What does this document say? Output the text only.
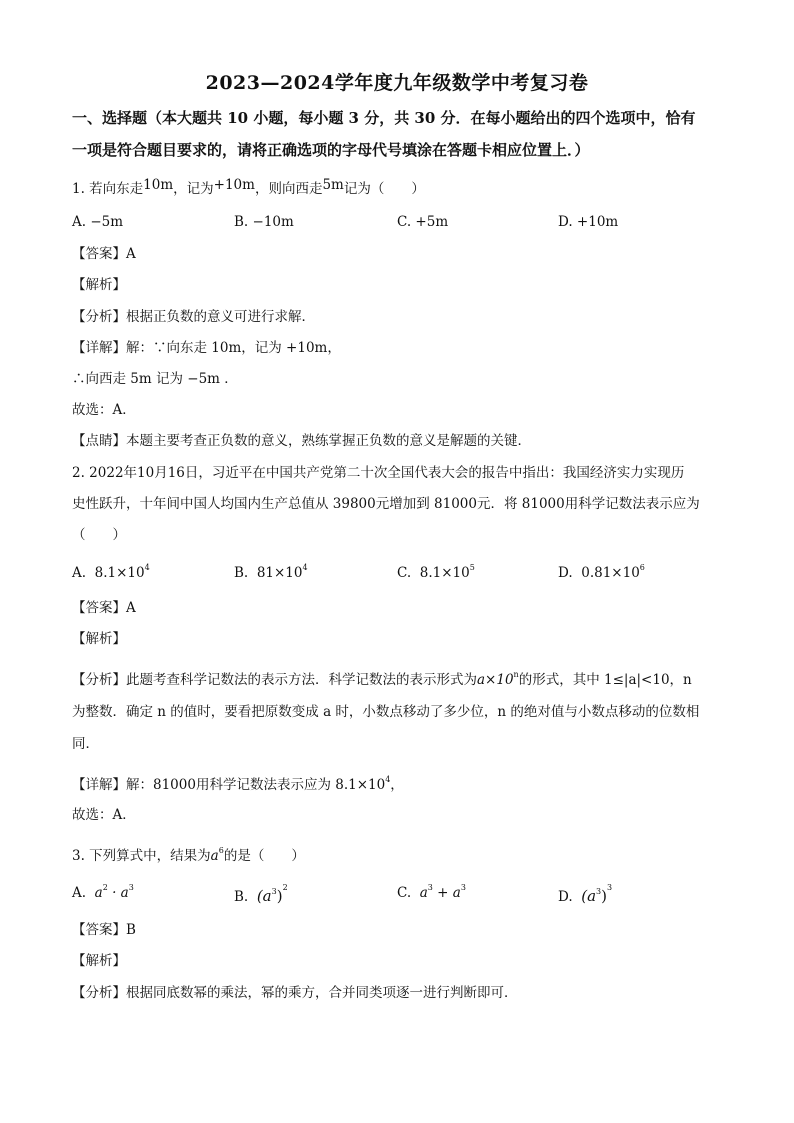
2023—2024学年度九年级数学中考复习卷
一、选择题（本大题共 10 小题，每小题 3 分，共 30 分．在每小题给出的四个选项中，恰有
一项是符合题目要求的，请将正确选项的字母代号填涂在答题卡相应位置上．）
1. 若向东走10m，记为+10m，则向西走5m记为（　　）
A. −5m	B. −10m	C. +5m	D. +10m
【答案】A
【解析】
【分析】根据正负数的意义可进行求解．
【详解】解：∵向东走 10m，记为 +10m，
∴向西走 5m 记为 −5m ．
故选：A．
【点睛】本题主要考查正负数的意义，熟练掌握正负数的意义是解题的关键．
2. 2022年10月16日，习近平在中国共产党第二十次全国代表大会的报告中指出：我国经济实力实现历
史性跃升，十年间中国人均国内生产总值从 39800元增加到 81000元．将 81000用科学记数法表示应为
（　　）
A. $8.1\times 10^4$	B. $81\times 10^4$	C. $8.1\times 10^5$	D. $0.81\times 10^6$
【答案】A
【解析】
【分析】此题考查科学记数法的表示方法．科学记数法的表示形式为$a\times 10^n$的形式，其中 1≤|a|<10，n
为整数．确定 n 的值时，要看把原数变成 a 时，小数点移动了多少位，n 的绝对值与小数点移动的位数相
同．
【详解】解：81000用科学记数法表示应为 $8.1\times 10^4$，
故选：A．
3. 下列算式中，结果为$a^6$的是（　　）
A. $a^2 \cdot a^3$
B. $(a^3)^2$	C. $a^3 + a^3$
D. $(a^3)^3$
【答案】B
【解析】
【分析】根据同底数幂的乘法，幂的乘方，合并同类项逐一进行判断即可．
